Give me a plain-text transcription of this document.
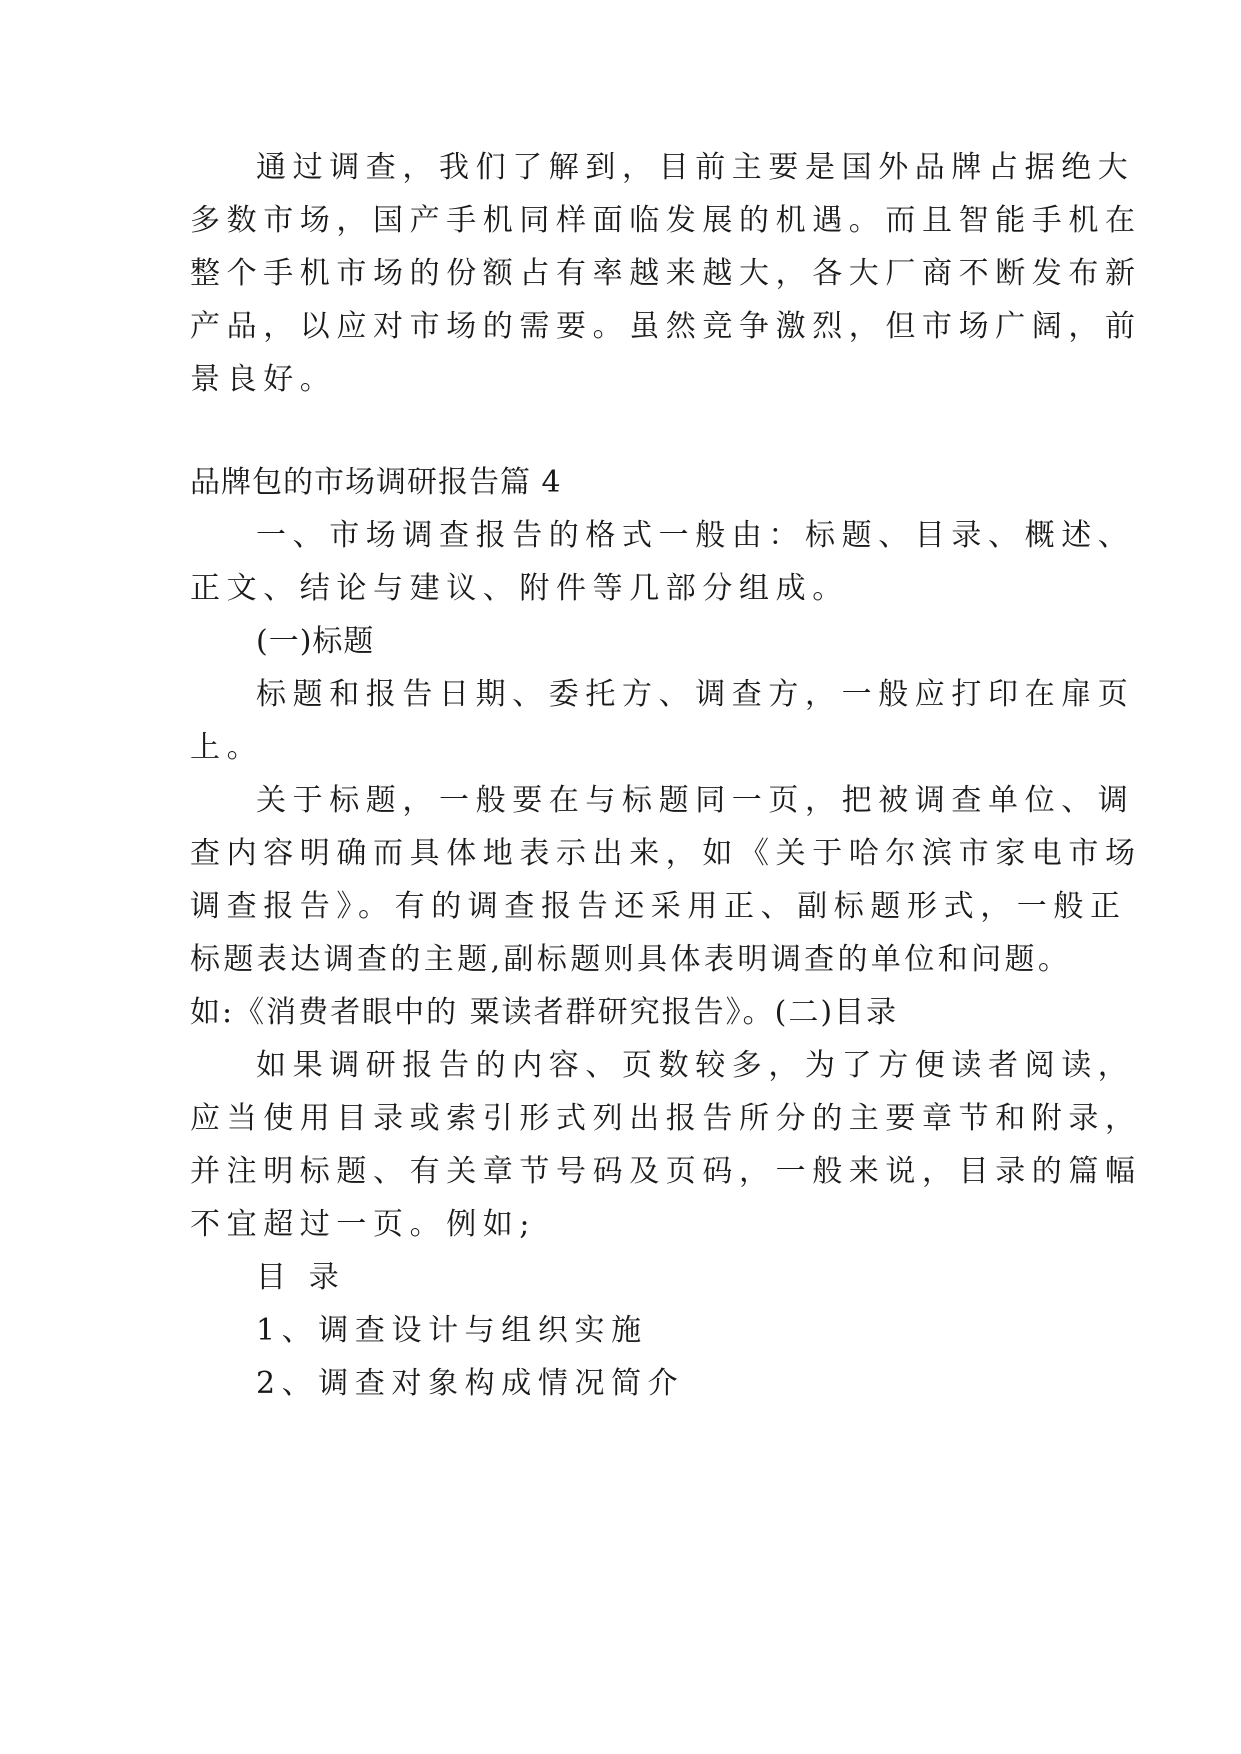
通过调查，我们了解到，目前主要是国外品牌占据绝大
多数市场，国产手机同样面临发展的机遇。而且智能手机在
整个手机市场的份额占有率越来越大，各大厂商不断发布新
产品，以应对市场的需要。虽然竞争激烈，但市场广阔，前
景良好。
品牌包的市场调研报告篇 4
一、市场调查报告的格式一般由：标题、目录、概述、
正文、结论与建议、附件等几部分组成。
(一)标题
标题和报告日期、委托方、调查方，一般应打印在扉页
上。
关于标题，一般要在与标题同一页，把被调查单位、调
查内容明确而具体地表示出来，如《关于哈尔滨市家电市场
调查报告》。有的调查报告还采用正、副标题形式，一般正
标题表达调查的主题,副标题则具体表明调查的单位和问题。
如:《消费者眼中的 粟读者群研究报告》。(二)目录
如果调研报告的内容、页数较多，为了方便读者阅读，
应当使用目录或索引形式列出报告所分的主要章节和附录，
并注明标题、有关章节号码及页码，一般来说，目录的篇幅
不宜超过一页。例如;
目 录
1、调查设计与组织实施
2、调查对象构成情况简介
